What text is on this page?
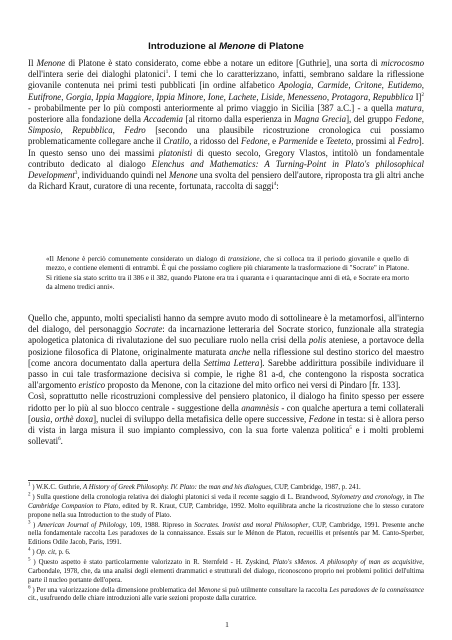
Introduzione al Menone di Platone

Il Menone di Platone è stato considerato, come ebbe a notare un editore [Guthrie], una sorta di microcosmo dell'intera serie dei dialoghi platonici$^1$. I temi che lo caratterizzano, infatti, sembrano saldare la riflessione giovanile contenuta nei primi testi pubblicati [in ordine alfabetico Apologia, Carmide, Critone, Eutidemo, Eutifrone, Gorgia, Ippia Maggiore, Ippia Minore, Ione, Lachete, Liside, Menesseno, Protagora, Repubblica I]$^2$ - probabilmente per lo più composti anteriormente al primo viaggio in Sicilia [387 a.C.] - a quella matura, posteriore alla fondazione della Accademia [al ritorno dalla esperienza in Magna Grecia], del gruppo Fedone, Simposio, Repubblica, Fedro [secondo una plausibile ricostruzione cronologica cui possiamo problematicamente collegare anche il Cratilo, a ridosso del Fedone, e Parmenide e Teeteto, prossimi al Fedro]. In questo senso uno dei massimi platonisti di questo secolo, Gregory Vlastos, intitolò un fondamentale contributo dedicato al dialogo Elenchus and Mathematics: A Turning-Point in Plato's philosophical Development$^3$, individuando quindi nel Menone una svolta del pensiero dell'autore, riproposta tra gli altri anche da Richard Kraut, curatore di una recente, fortunata, raccolta di saggi$^4$:

«Il Menone è perciò comunemente considerato un dialogo di transizione, che si colloca tra il periodo giovanile e quello di mezzo, e contiene elementi di entrambi. È qui che possiamo cogliere più chiaramente la trasformazione di "Socrate" in Platone. Si ritiene sia stato scritto tra il 386 e il 382, quando Platone era tra i quaranta e i quarantacinque anni di età, e Socrate era morto da almeno tredici anni».

Quello che, appunto, molti specialisti hanno da sempre avuto modo di sottolineare è la metamorfosi, all'interno del dialogo, del personaggio Socrate: da incarnazione letteraria del Socrate storico, funzionale alla strategia apologetica platonica di rivalutazione del suo peculiare ruolo nella crisi della polis ateniese, a portavoce della posizione filosofica di Platone, originalmente maturata anche nella riflessione sul destino storico del maestro [come ancora documentato dalla apertura della Settima Lettera]. Sarebbe addirittura possibile individuare il passo in cui tale trasformazione decisiva si compie, le righe 81 a-d, che contengono la risposta socratica all'argomento eristico proposto da Menone, con la citazione del mito orfico nei versi di Pindaro [fr. 133].
Così, soprattutto nelle ricostruzioni complessive del pensiero platonico, il dialogo ha finito spesso per essere ridotto per lo più al suo blocco centrale - suggestione della anamnèsis - con qualche apertura a temi collaterali [ousìa, orthè doxa], nuclei di sviluppo della metafisica delle opere successive, Fedone in testa: si è allora perso di vista in larga misura il suo impianto complessivo, con la sua forte valenza politica$^5$ e i molti problemi sollevati$^6$.

$^1$ ) W.K.C. Guthrie, A History of Greek Philosophy. IV. Plato: the man and his dialogues, CUP, Cambridge, 1987, p. 241.
$^2$ ) Sulla questione della cronologia relativa dei dialoghi platonici si veda il recente saggio di L. Brandwood, Stylometry and cronology, in The Cambridge Companion to Plato, edited by R. Kraut, CUP, Cambridge, 1992. Molto equilibrata anche la ricostruzione che lo stesso curatore propone nella sua Introduction to the study of Plato.
$^3$ ) American Journal of Philology, 109, 1988. Ripreso in Socrates. Ironist and moral Philosopher, CUP, Cambridge, 1991. Presente anche nella fondamentale raccolta Les paradoxes de la connaissance. Essais sur le Ménon de Platon, recueillis et présentés par M. Canto-Sperber, Editions Odile Jacob, Paris, 1991.
$^4$ ) Op. cit, p. 6.
$^5$ ) Questo aspetto è stato particolarmente valorizzato in R. Sternfeld - H. Zyskind, Plato's sMenos. A philosophy of man as acquisitive, Carbondale, 1978, che, da una analisi degli elementi drammatici e strutturali del dialogo, riconoscono proprio nei problemi politici dell'ultima parte il nucleo portante dell'opera.
$^6$ ) Per una valorizzazione della dimensione problematica del Menone si può utilmente consultare la raccolta Les paradoxes de la connaissance cit., usufruendo delle chiare introduzioni alle varie sezioni proposte dalla curatrice.
1
